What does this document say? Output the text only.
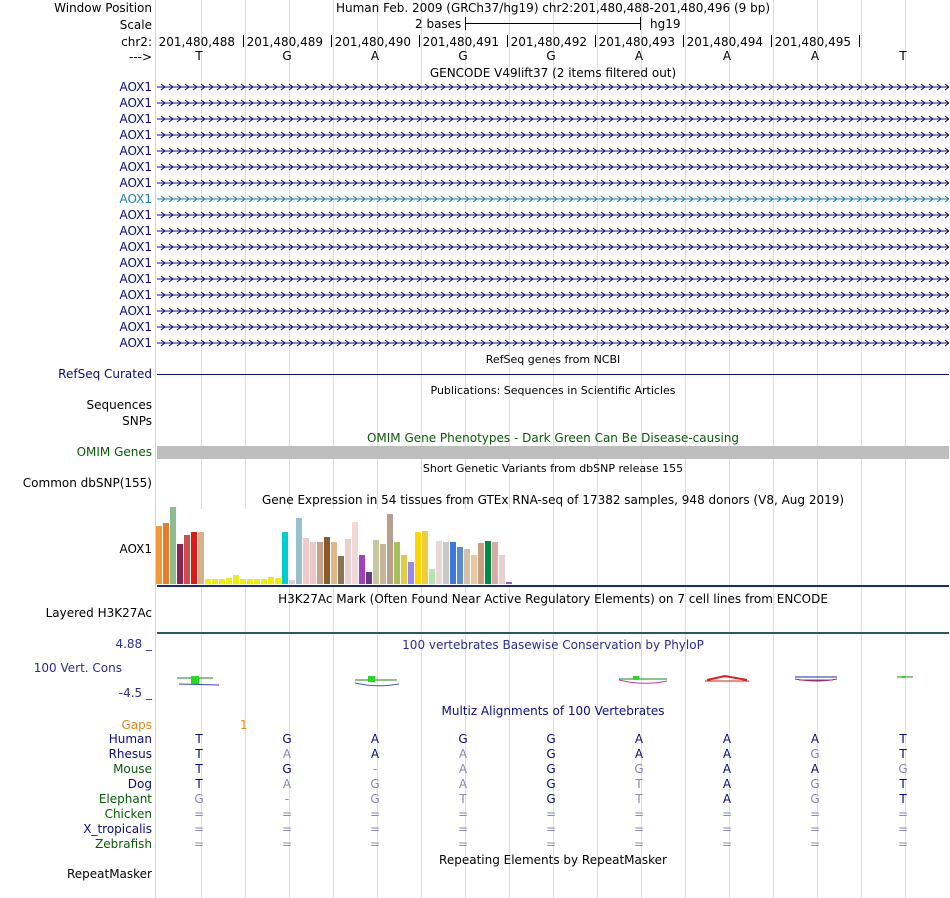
Window Position	Human Feb. 2009 (GRCh37/hg19) chr2:201,480,488-201,480,496 (9 bp)
Scale	2 bases	hg19
chr2: 201,480,488 201,480,489 201,480,490 201,480,491 201,480,492 201,480,493 201,480,494 201,480,495
--->	T	G	A	G	G	A	A	A	T
GENCODE V49lift37 (2 items filtered out)
AOX1
AOX1
AOX1
AOX1
AOX1
AOX1
AOX1
AOX1
AOX1
AOX1
AOX1
AOX1
AOX1
AOX1
AOX1
AOX1
AOX1
RefSeq genes from NCBI
RefSeq Curated
Publications: Sequences in Scientific Articles
Sequences
SNPs
OMIM Gene Phenotypes - Dark Green Can Be Disease-causing
OMIM Genes
Short Genetic Variants from dbSNP release 155
Common dbSNP(155)
Gene Expression in 54 tissues from GTEx RNA-seq of 17382 samples, 948 donors (V8, Aug 2019)
AOX1
H3K27Ac Mark (Often Found Near Active Regulatory Elements) on 7 cell lines from ENCODE
Layered H3K27Ac
100 vertebrates Basewise Conservation by PhyloP
4.88 _
100 Vert. Cons
-4.5 _
Multiz Alignments of 100 Vertebrates
Gaps	1
Human	T	G	A	G	G	A	A	A	T
Rhesus	T	A	A	A	G	A	A	G	T
Mouse	T	G	-	A	G	G	A	A	G
Dog	T	A	G	A	G	T	A	G	T
Elephant	G	-	G	T	G	T	A	G	T
Chicken	=	=	=	=	=	=	=	=	=
X_tropicalis	=	=	=	=	=	=	=	=	=
Zebrafish	=	=	=	=	=	=	=	=	=
Repeating Elements by RepeatMasker
RepeatMasker
